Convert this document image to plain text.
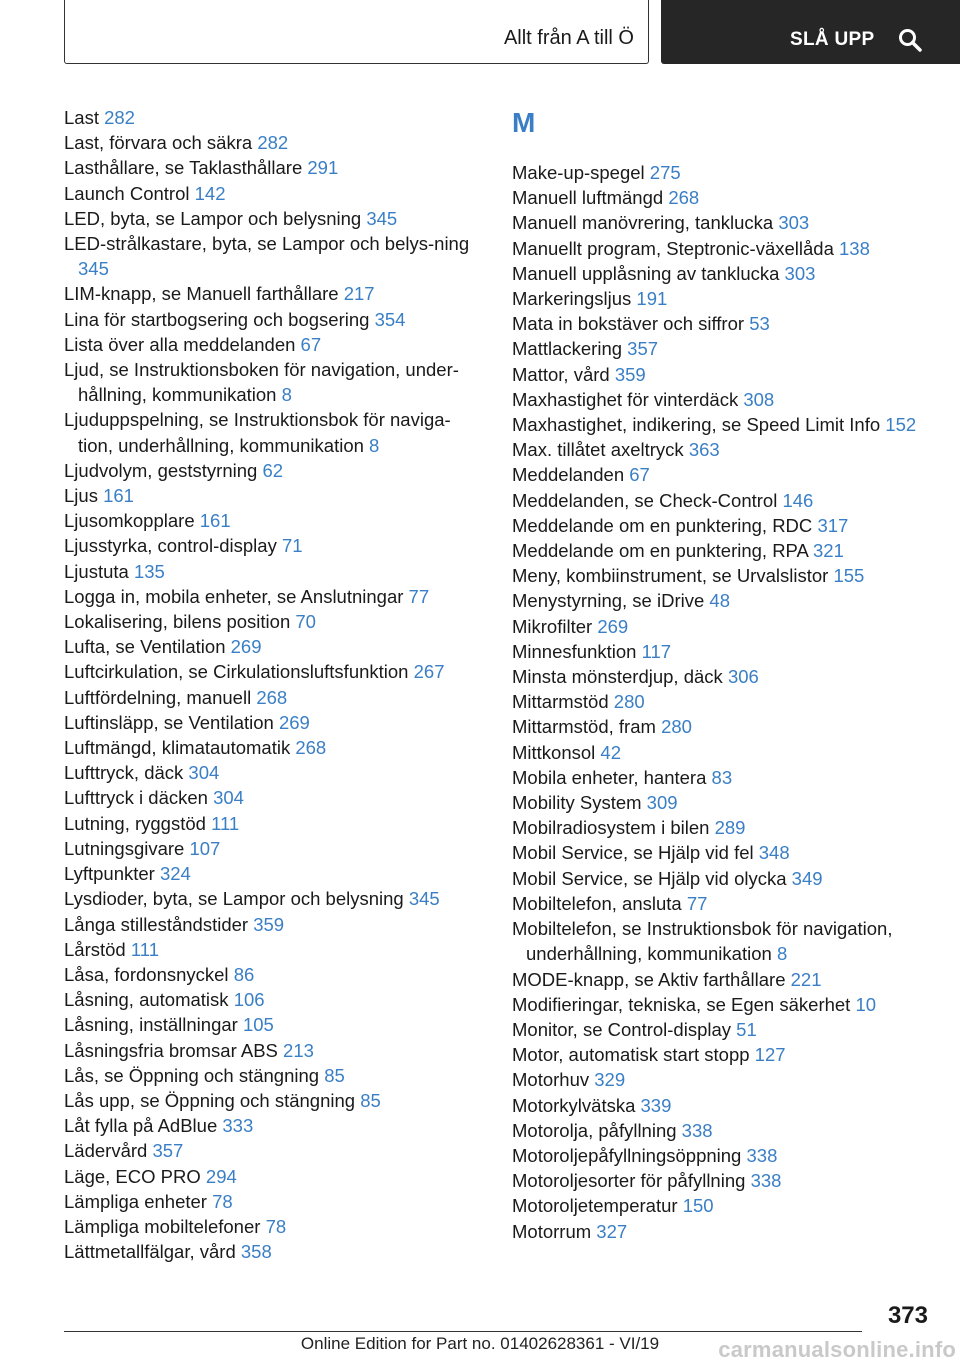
Allt från A till Ö	SLÅ UPP
Last 282
Last, förvara och säkra 282
Lasthållare, se Taklasthållare 291
Launch Control 142
LED, byta, se Lampor och belysning 345
LED-strålkastare, byta, se Lampor och belys‐ning 345
LIM-knapp, se Manuell farthållare 217
Lina för startbogsering och bogsering 354
Lista över alla meddelanden 67
Ljud, se Instruktionsboken för navigation, under‐hållning, kommunikation 8
Ljuduppspelning, se Instruktionsbok för naviga‐tion, underhållning, kommunikation 8
Ljudvolym, geststyrning 62
Ljus 161
Ljusomkopplare 161
Ljusstyrka, control-display 71
Ljustuta 135
Logga in, mobila enheter, se Anslutningar 77
Lokalisering, bilens position 70
Lufta, se Ventilation 269
Luftcirkulation, se Cirkulationsluftsfunktion 267
Luftfördelning, manuell 268
Luftinsläpp, se Ventilation 269
Luftmängd, klimatautomatik 268
Lufttryck, däck 304
Lufttryck i däcken 304
Lutning, ryggstöd 111
Lutningsgivare 107
Lyftpunkter 324
Lysdioder, byta, se Lampor och belysning 345
Långa stilleståndstider 359
Lårstöd 111
Låsa, fordonsnyckel 86
Låsning, automatisk 106
Låsning, inställningar 105
Låsningsfria bromsar ABS 213
Lås, se Öppning och stängning 85
Lås upp, se Öppning och stängning 85
Låt fylla på AdBlue 333
Lädervård 357
Läge, ECO PRO 294
Lämpliga enheter 78
Lämpliga mobiltelefoner 78
Lättmetallfälgar, vård 358
M
Make-up-spegel 275
Manuell luftmängd 268
Manuell manövrering, tanklucka 303
Manuellt program, Steptronic-växellåda 138
Manuell upplåsning av tanklucka 303
Markeringsljus 191
Mata in bokstäver och siffror 53
Mattlackering 357
Mattor, vård 359
Maxhastighet för vinterdäck 308
Maxhastighet, indikering, se Speed Limit Info 152
Max. tillåtet axeltryck 363
Meddelanden 67
Meddelanden, se Check-Control 146
Meddelande om en punktering, RDC 317
Meddelande om en punktering, RPA 321
Meny, kombiinstrument, se Urvalslistor 155
Menystyrning, se iDrive 48
Mikrofilter 269
Minnesfunktion 117
Minsta mönsterdjup, däck 306
Mittarmstöd 280
Mittarmstöd, fram 280
Mittkonsol 42
Mobila enheter, hantera 83
Mobility System 309
Mobilradiosystem i bilen 289
Mobil Service, se Hjälp vid fel 348
Mobil Service, se Hjälp vid olycka 349
Mobiltelefon, ansluta 77
Mobiltelefon, se Instruktionsbok för navigation, underhållning, kommunikation 8
MODE-knapp, se Aktiv farthållare 221
Modifieringar, tekniska, se Egen säkerhet 10
Monitor, se Control-display 51
Motor, automatisk start stopp 127
Motorhuv 329
Motorkylvätska 339
Motorolja, påfyllning 338
Motoroljepåfyllningsöppning 338
Motoroljesorter för påfyllning 338
Motoroljetemperatur 150
Motorrum 327
373
Online Edition for Part no. 01402628361 - VI/19	carmanualsonline.info
